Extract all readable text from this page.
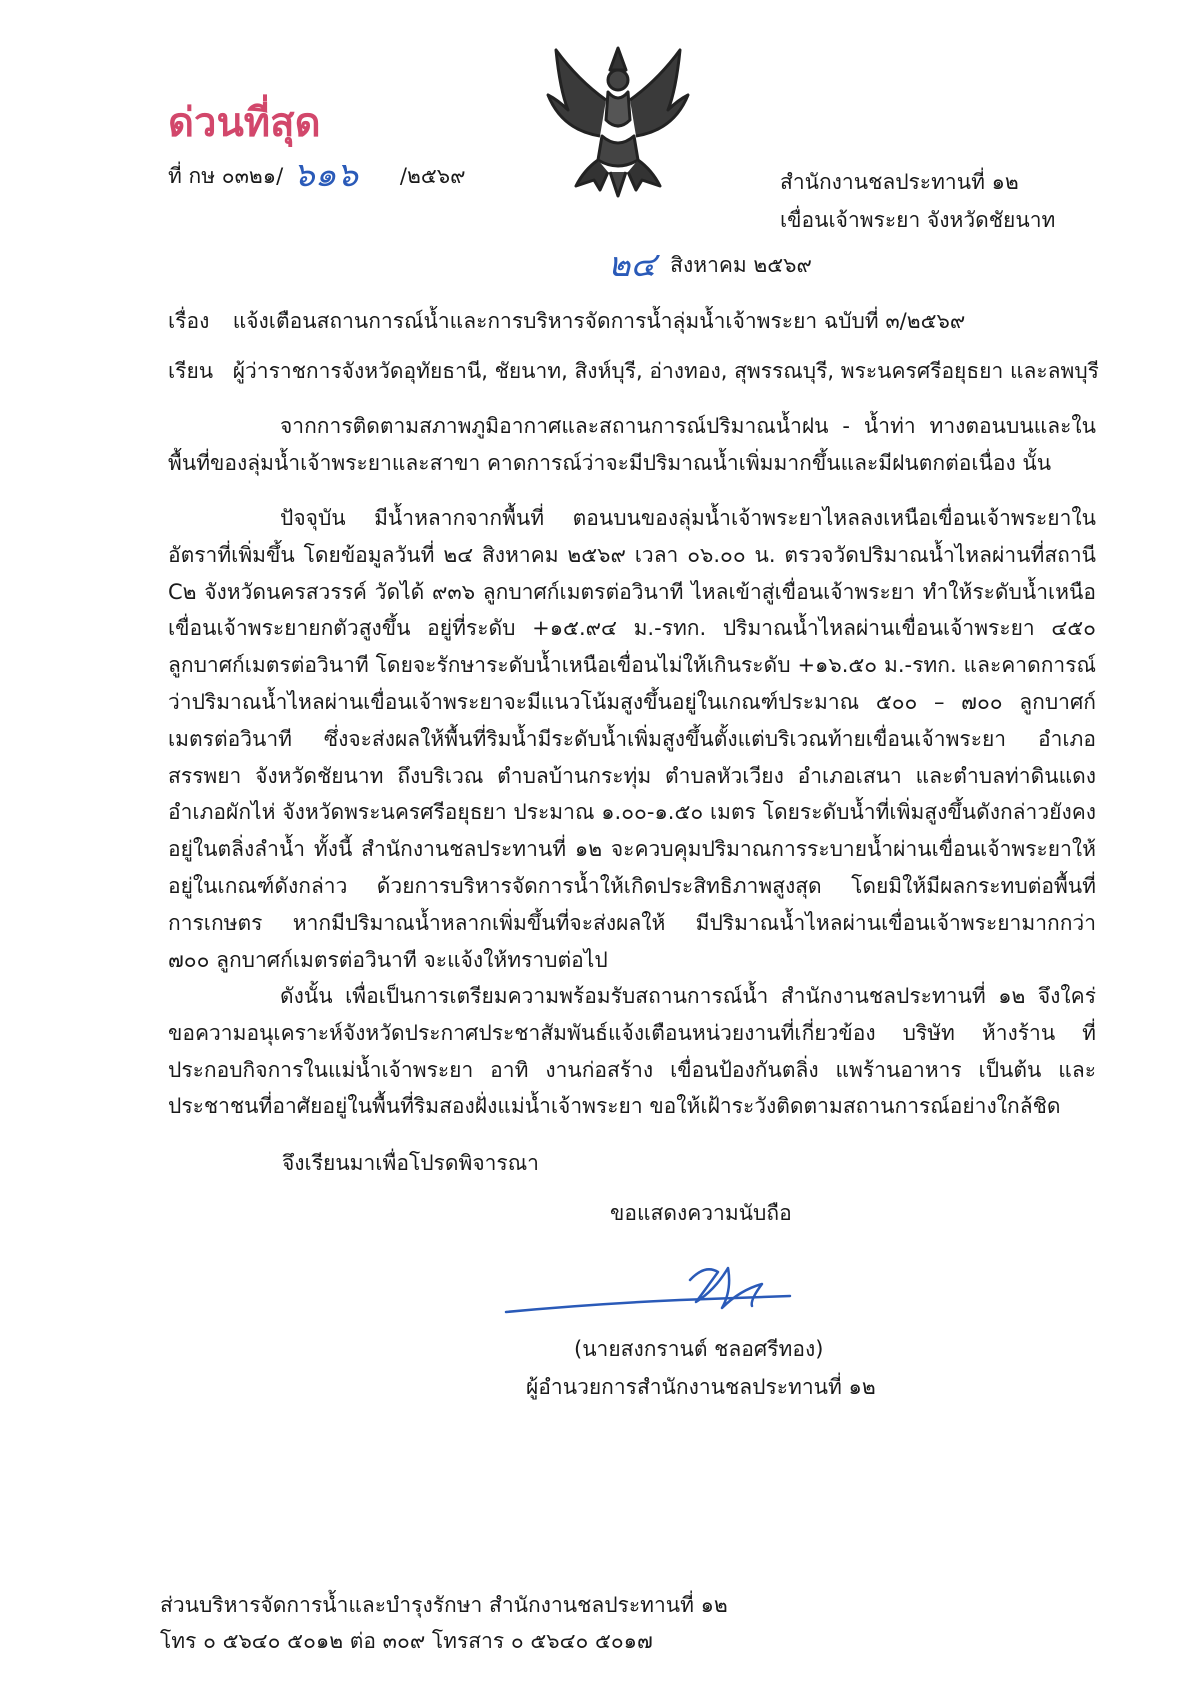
ด่วนที่สุด
ที่ กษ ๐๓๒๑/ ๖๑๖ /๒๕๖๙	สำนักงานชลประทานที่ ๑๒
เขื่อนเจ้าพระยา จังหวัดชัยนาท
๒๔ สิงหาคม ๒๕๖๙
เรื่อง แจ้งเตือนสถานการณ์น้ำและการบริหารจัดการน้ำลุ่มน้ำเจ้าพระยา ฉบับที่ ๓/๒๕๖๙
เรียน ผู้ว่าราชการจังหวัดอุทัยธานี, ชัยนาท, สิงห์บุรี, อ่างทอง, สุพรรณบุรี, พระนครศรีอยุธยา และลพบุรี
จากการติดตามสภาพภูมิอากาศและสถานการณ์ปริมาณน้ำฝน - น้ำท่า ทางตอนบนและในพื้นที่ของลุ่มน้ำเจ้าพระยาและสาขา คาดการณ์ว่าจะมีปริมาณน้ำเพิ่มมากขึ้นและมีฝนตกต่อเนื่อง นั้น
ปัจจุบัน มีน้ำหลากจากพื้นที่ ตอนบนของลุ่มน้ำเจ้าพระยาไหลลงเหนือเขื่อนเจ้าพระยาในอัตราที่เพิ่มขึ้น โดยข้อมูลวันที่ ๒๔ สิงหาคม ๒๕๖๙ เวลา ๐๖.๐๐ น. ตรวจวัดปริมาณน้ำไหลผ่านที่สถานี C๒ จังหวัดนครสวรรค์ วัดได้ ๙๓๖ ลูกบาศก์เมตรต่อวินาที ไหลเข้าสู่เขื่อนเจ้าพระยา ทำให้ระดับน้ำเหนือเขื่อนเจ้าพระยายกตัวสูงขึ้น อยู่ที่ระดับ +๑๕.๙๔ ม.-รทก. ปริมาณน้ำไหลผ่านเขื่อนเจ้าพระยา ๔๕๐ ลูกบาศก์เมตรต่อวินาที โดยจะรักษาระดับน้ำเหนือเขื่อนไม่ให้เกินระดับ +๑๖.๕๐ ม.-รทก. และคาดการณ์ว่าปริมาณน้ำไหลผ่านเขื่อนเจ้าพระยาจะมีแนวโน้มสูงขึ้นอยู่ในเกณฑ์ประมาณ ๕๐๐ – ๗๐๐ ลูกบาศก์เมตรต่อวินาที ซึ่งจะส่งผลให้พื้นที่ริมน้ำมีระดับน้ำเพิ่มสูงขึ้นตั้งแต่บริเวณท้ายเขื่อนเจ้าพระยา อำเภอสรรพยา จังหวัดชัยนาท ถึงบริเวณ ตำบลบ้านกระทุ่ม ตำบลหัวเวียง อำเภอเสนา และตำบลท่าดินแดง อำเภอผักไห่ จังหวัดพระนครศรีอยุธยา ประมาณ ๑.๐๐-๑.๕๐ เมตร โดยระดับน้ำที่เพิ่มสูงขึ้นดังกล่าวยังคงอยู่ในตลิ่งลำน้ำ ทั้งนี้ สำนักงานชลประทานที่ ๑๒ จะควบคุมปริมาณการระบายน้ำผ่านเขื่อนเจ้าพระยาให้อยู่ในเกณฑ์ดังกล่าว ด้วยการบริหารจัดการน้ำให้เกิดประสิทธิภาพสูงสุด โดยมิให้มีผลกระทบต่อพื้นที่การเกษตร หากมีปริมาณน้ำหลากเพิ่มขึ้นที่จะส่งผลให้ มีปริมาณน้ำไหลผ่านเขื่อนเจ้าพระยามากกว่า ๗๐๐ ลูกบาศก์เมตรต่อวินาที จะแจ้งให้ทราบต่อไป
ดังนั้น เพื่อเป็นการเตรียมความพร้อมรับสถานการณ์น้ำ สำนักงานชลประทานที่ ๑๒ จึงใคร่ขอความอนุเคราะห์จังหวัดประกาศประชาสัมพันธ์แจ้งเตือนหน่วยงานที่เกี่ยวข้อง บริษัท ห้างร้าน ที่ประกอบกิจการในแม่น้ำเจ้าพระยา อาทิ งานก่อสร้าง เขื่อนป้องกันตลิ่ง แพร้านอาหาร เป็นต้น และประชาชนที่อาศัยอยู่ในพื้นที่ริมสองฝั่งแม่น้ำเจ้าพระยา ขอให้เฝ้าระวังติดตามสถานการณ์อย่างใกล้ชิด
จึงเรียนมาเพื่อโปรดพิจารณา
ขอแสดงความนับถือ
(นายสงกรานต์ ชลอศรีทอง)
ผู้อำนวยการสำนักงานชลประทานที่ ๑๒
ส่วนบริหารจัดการน้ำและบำรุงรักษา สำนักงานชลประทานที่ ๑๒
โทร ๐ ๕๖๔๐ ๕๐๑๒ ต่อ ๓๐๙ โทรสาร ๐ ๕๖๔๐ ๕๐๑๗
